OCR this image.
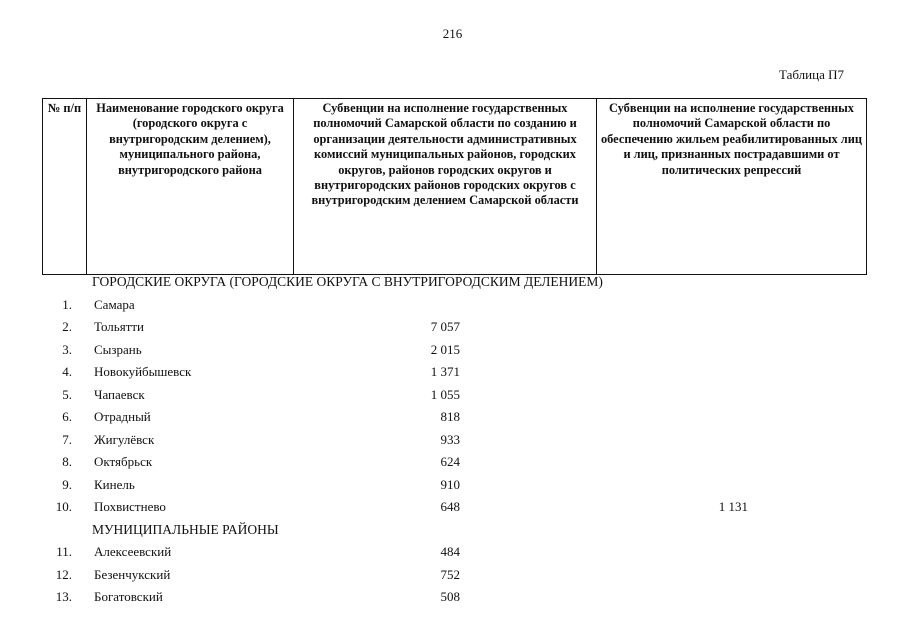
216
Таблица П7
№ п/п	Наименование городского округа (городского округа с внутригородским делением), муниципального района, внутригородского района	Субвенции на исполнение государственных полномочий Самарской области по созданию и организации деятельности административных комиссий муниципальных районов, городских округов, районов городских округов и внутригородских районов городских округов с внутригородским делением Самарской области	Субвенции на исполнение государственных полномочий Самарской области по обеспечению жильем реабилитированных лиц и лиц, признанных пострадавшими от политических репрессий
ГОРОДСКИЕ ОКРУГА (ГОРОДСКИЕ ОКРУГА С ВНУТРИГОРОДСКИМ ДЕЛЕНИЕМ)
1. Самара
2. Тольятти	7 057
3. Сызрань	2 015
4. Новокуйбышевск	1 371
5. Чапаевск	1 055
6. Отрадный	818
7. Жигулёвск	933
8. Октябрьск	624
9. Кинель	910
10. Похвистнево	648	1 131
МУНИЦИПАЛЬНЫЕ РАЙОНЫ
11. Алексеевский	484
12. Безенчукский	752
13. Богатовский	508
